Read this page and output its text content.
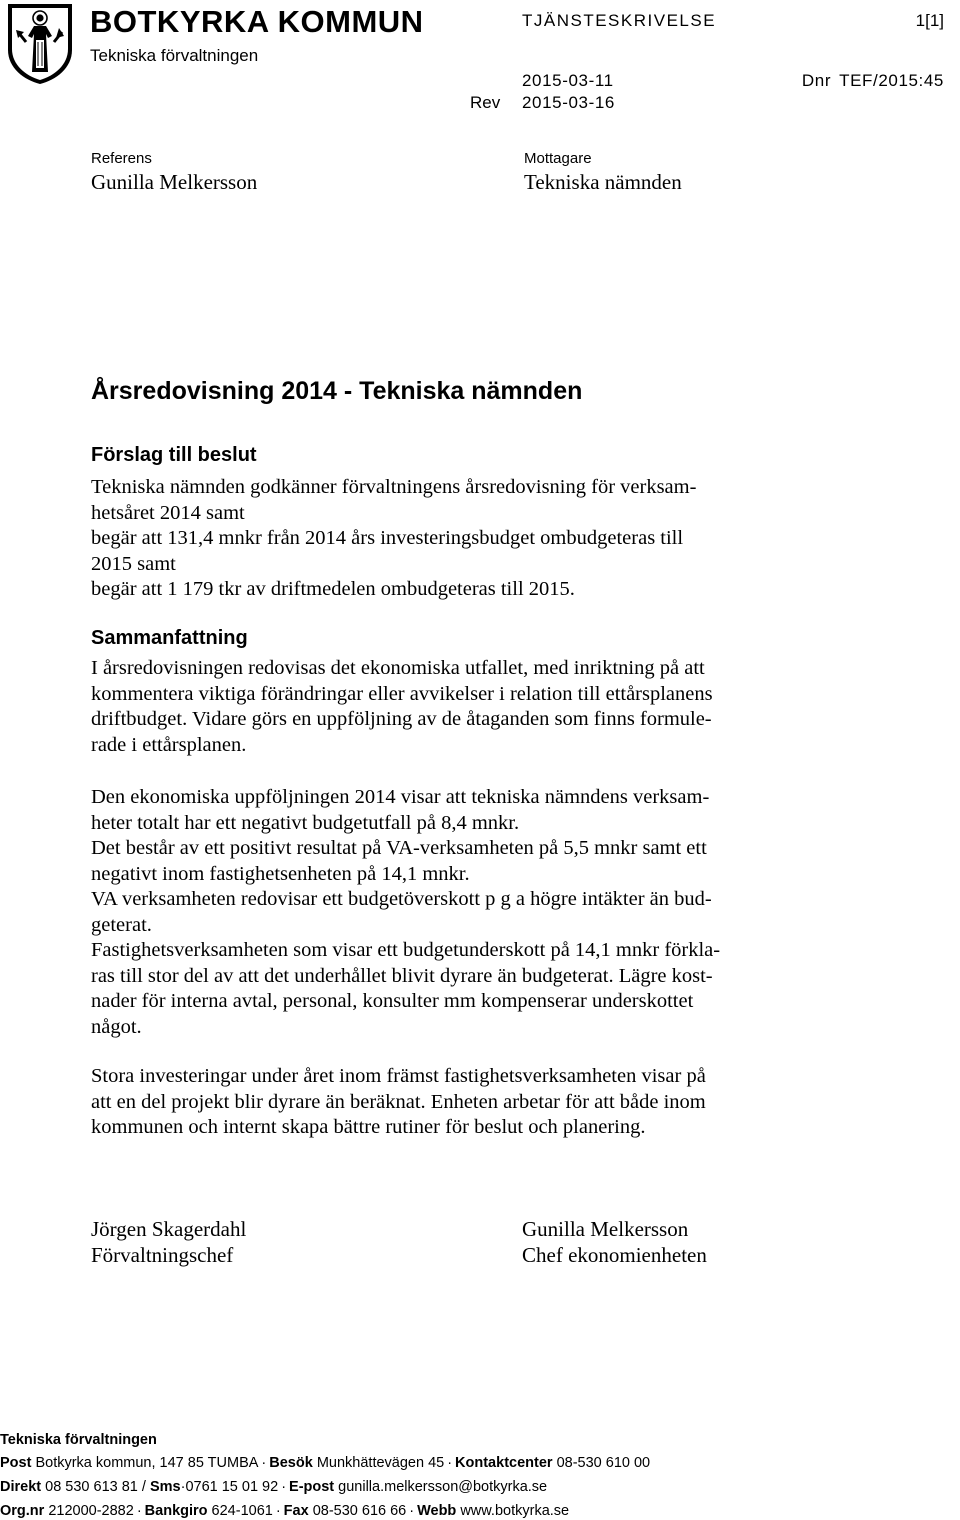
BOTKYRKA KOMMUN
Tekniska förvaltningen
TJÄNSTESKRIVELSE	1[1]
2015-03-11	Dnr TEF/2015:45
Rev 2015-03-16
Referens
Gunilla Melkersson
Mottagare
Tekniska nämnden
Årsredovisning 2014 - Tekniska nämnden
Förslag till beslut

Tekniska nämnden godkänner förvaltningens årsredovisning för verksam-
hetsåret 2014 samt
begär att 131,4 mnkr från 2014 års investeringsbudget ombudgeteras till
2015 samt
begär att 1 179 tkr av driftmedelen ombudgeteras till 2015.

Sammanfattning

I årsredovisningen redovisas det ekonomiska utfallet, med inriktning på att
kommentera viktiga förändringar eller avvikelser i relation till ettårsplanens
driftbudget. Vidare görs en uppföljning av de åtaganden som finns formule-
rade i ettårsplanen.

Den ekonomiska uppföljningen 2014 visar att tekniska nämndens verksam-
heter totalt har ett negativt budgetutfall på 8,4 mnkr.
Det består av ett positivt resultat på VA-verksamheten på 5,5 mnkr samt ett
negativt inom fastighetsenheten på 14,1 mnkr.
VA verksamheten redovisar ett budgetöverskott p g a högre intäkter än bud-
geterat.
Fastighetsverksamheten som visar ett budgetunderskott på 14,1 mnkr förkla-
ras till stor del av att det underhållet blivit dyrare än budgeterat. Lägre kost-
nader för interna avtal, personal, konsulter mm kompenserar underskottet
något.

Stora investeringar under året inom främst fastighetsverksamheten visar på
att en del projekt blir dyrare än beräknat. Enheten arbetar för att både inom
kommunen och internt skapa bättre rutiner för beslut och planering.

Jörgen Skagerdahl
Förvaltningschef
Gunilla Melkersson
Chef ekonomienheten
Tekniska förvaltningen
Post Botkyrka kommun, 147 85 TUMBA · Besök Munkhättevägen 45 · Kontaktcenter 08-530 610 00
Direkt 08 530 613 81 / Sms·0761 15 01 92 · E-post gunilla.melkersson@botkyrka.se
Org.nr 212000-2882 · Bankgiro 624-1061 · Fax 08-530 616 66 · Webb www.botkyrka.se
